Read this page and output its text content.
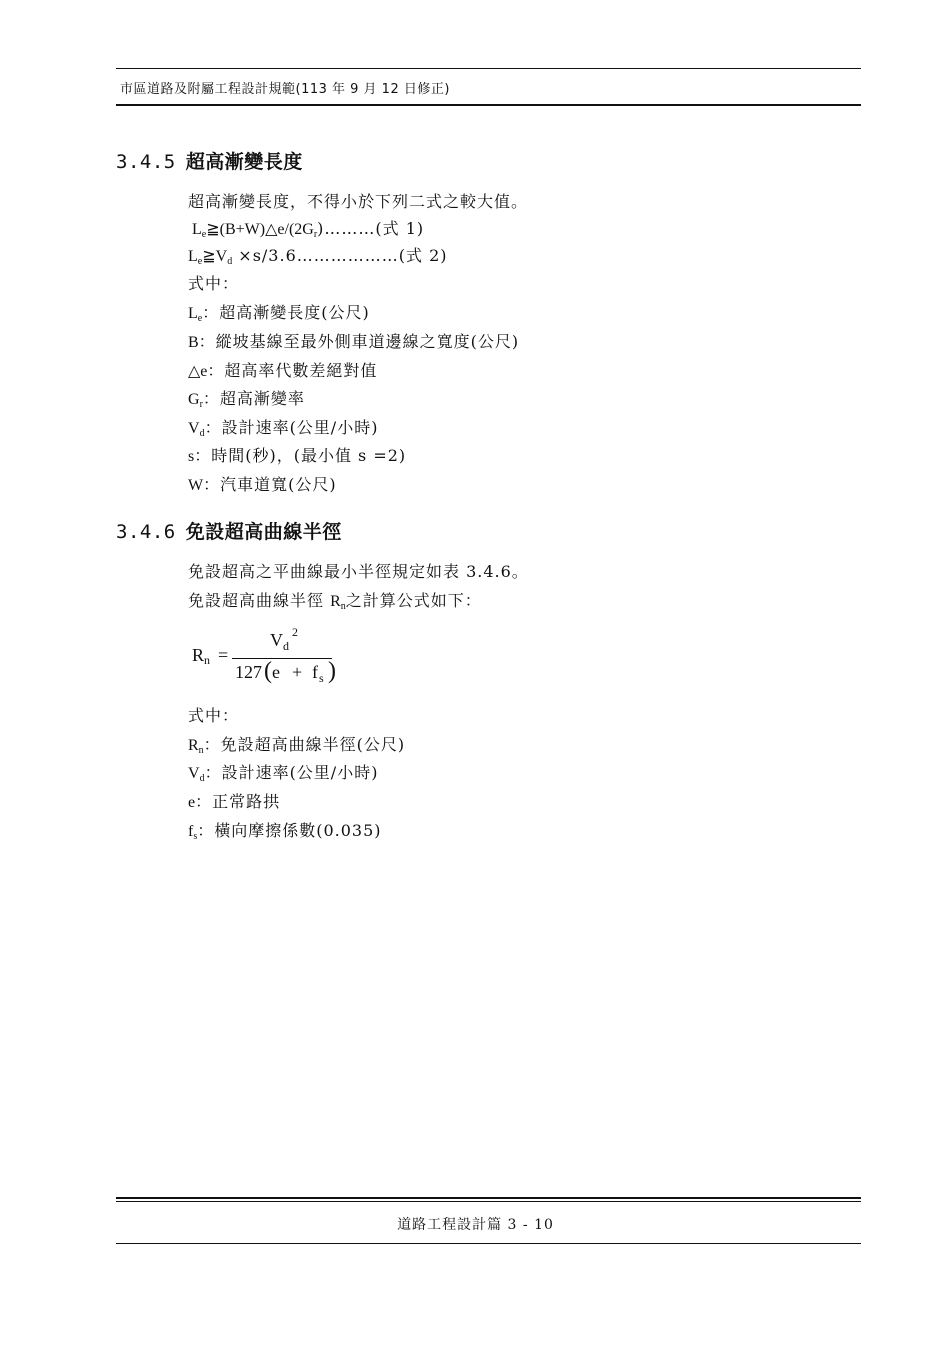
市區道路及附屬工程設計規範(113 年 9 月 12 日修正)
3.4.5 超高漸變長度
超高漸變長度，不得小於下列二式之較大值。
$L_e≧(B+W)\triangle e/(2G_r)\dots\dots\dots$(式 1)
$L_e≧V_d$ ×s/3.6………………(式 2)
式中：
$L_e$：超高漸變長度(公尺)
B：縱坡基線至最外側車道邊線之寬度(公尺)
△e：超高率代數差絕對值
$G_r$：超高漸變率
$V_d$：設計速率(公里/小時)
s：時間(秒)，(最小值 s =2)
W：汽車道寬(公尺)
3.4.6 免設超高曲線半徑
免設超高之平曲線最小半徑規定如表 3.4.6。
免設超高曲線半徑 $R_n$之計算公式如下：
R n =
V d
2
127 ( e + f s )
式中：
$R_n$：免設超高曲線半徑(公尺)
$V_d$：設計速率(公里/小時)
e：正常路拱
$f_s$：橫向摩擦係數(0.035)
道路工程設計篇 3 - 10
